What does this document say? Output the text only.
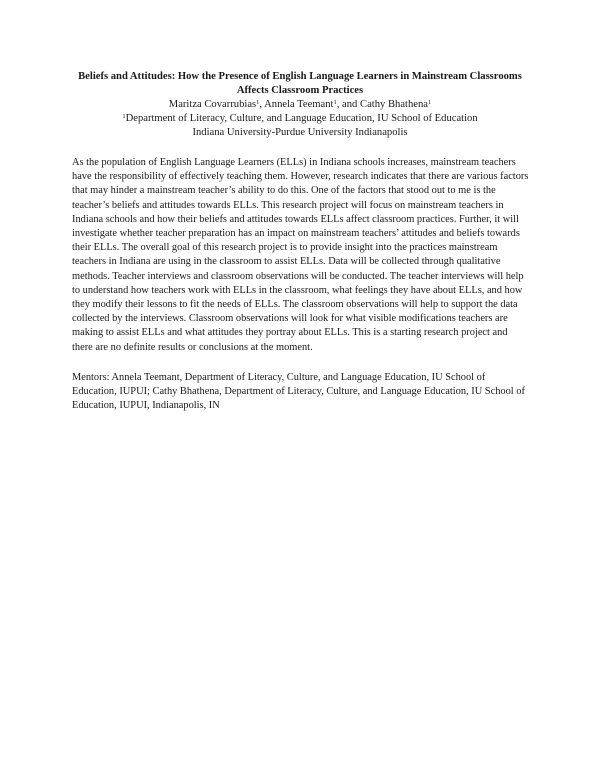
Beliefs and Attitudes: How the Presence of English Language Learners in Mainstream Classrooms
Affects Classroom Practices

Maritza Covarrubias$^1$, Annela Teemant$^1$, and Cathy Bhathena$^1$

$^1$Department of Literacy, Culture, and Language Education, IU School of Education
Indiana University-Purdue University Indianapolis

As the population of English Language Learners (ELLs) in Indiana schools increases, mainstream teachers have the responsibility of effectively teaching them. However, research indicates that there are various factors that may hinder a mainstream teacher’s ability to do this. One of the factors that stood out to me is the teacher’s beliefs and attitudes towards ELLs. This research project will focus on mainstream teachers in Indiana schools and how their beliefs and attitudes towards ELLs affect classroom practices. Further, it will investigate whether teacher preparation has an impact on mainstream teachers’ attitudes and beliefs towards their ELLs. The overall goal of this research project is to provide insight into the practices mainstream teachers in Indiana are using in the classroom to assist ELLs. Data will be collected through qualitative methods. Teacher interviews and classroom observations will be conducted. The teacher interviews will help to understand how teachers work with ELLs in the classroom, what feelings they have about ELLs, and how they modify their lessons to fit the needs of ELLs. The classroom observations will help to support the data collected by the interviews. Classroom observations will look for what visible modifications teachers are making to assist ELLs and what attitudes they portray about ELLs. This is a starting research project and there are no definite results or conclusions at the moment.

Mentors: Annela Teemant, Department of Literacy, Culture, and Language Education, IU School of Education, IUPUI; Cathy Bhathena, Department of Literacy, Culture, and Language Education, IU School of Education, IUPUI, Indianapolis, IN
